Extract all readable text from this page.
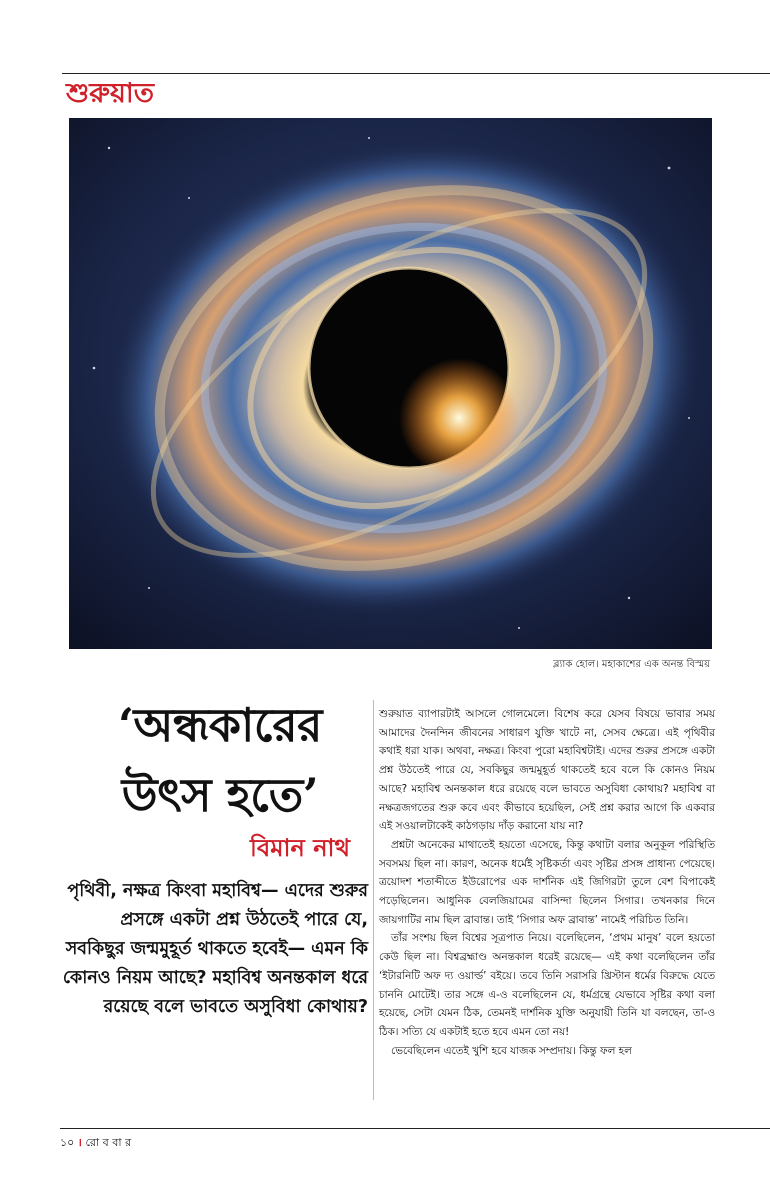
শুরুয়াত
ব্ল্যাক হোল। মহাকাশের এক অনন্ত বিস্ময়
‘অন্ধকারের
উৎস হতে’
বিমান নাথ
পৃথিবী, নক্ষত্র কিংবা মহাবিশ্ব— এদের শুরুর প্রসঙ্গে একটা প্রশ্ন উঠতেই পারে যে, সবকিছুর জন্মমুহূর্ত থাকতে হবেই— এমন কি কোনও নিয়ম আছে? মহাবিশ্ব অনন্তকাল ধরে রয়েছে বলে ভাবতে অসুবিধা কোথায়?

শুরুয়াত ব্যাপারটাই আসলে গোলমেলে। বিশেষ করে যেসব বিষয়ে ভাবার সময় আমাদের দৈনন্দিন জীবনের সাধারণ যুক্তি খাটে না, সেসব ক্ষেত্রে। এই পৃথিবীর কথাই ধরা যাক। অথবা, নক্ষত্র। কিংবা পুরো মহাবিশ্বটাই। এদের শুরুর প্রসঙ্গে একটা প্রশ্ন উঠতেই পারে যে, সবকিছুর জন্মমুহূর্ত থাকতেই হবে বলে কি কোনও নিয়ম আছে? মহাবিশ্ব অনন্তকাল ধরে রয়েছে বলে ভাবতে অসুবিধা কোথায়? মহাবিশ্ব বা নক্ষত্রজগতের শুরু কবে এবং কীভাবে হয়েছিল, সেই প্রশ্ন করার আগে কি একবার এই সওয়ালটাকেই কাঠগড়ায় দাঁড় করানো যায় না?

প্রশ্নটা অনেকের মাথাতেই হয়তো এসেছে, কিন্তু কথাটা বলার অনুকূল পরিস্থিতি সবসময় ছিল না। কারণ, অনেক ধর্মেই সৃষ্টিকর্তা এবং সৃষ্টির প্রসঙ্গ প্রাধান্য পেয়েছে। ত্রয়োদশ শতাব্দীতে ইউরোপের এক দার্শনিক এই জিগিরটা তুলে বেশ বিপাকেই পড়েছিলেন। আধুনিক বেলজিয়ামের বাসিন্দা ছিলেন সিগার। তখনকার দিনে জায়গাটির নাম ছিল ব্রাবান্ত। তাই ‘সিগার অফ ব্রাবান্ত’ নামেই পরিচিত তিনি।

তাঁর সংশয় ছিল বিশ্বের সূত্রপাত নিয়ে। বলেছিলেন, ‘প্রথম মানুষ’ বলে হয়তো কেউ ছিল না। বিশ্বব্রহ্মাণ্ড অনন্তকাল ধরেই রয়েছে— এই কথা বলেছিলেন তাঁর ‘ইটারনিটি অফ দ্য ওয়ার্ল্ড’ বইয়ে। তবে তিনি সরাসরি খ্রিস্টান ধর্মের বিরুদ্ধে যেতে চাননি মোটেই। তার সঙ্গে এ-ও বলেছিলেন যে, ধর্মগ্রন্থে যেভাবে সৃষ্টির কথা বলা হয়েছে, সেটা যেমন ঠিক, তেমনই দার্শনিক যুক্তি অনুযায়ী তিনি যা বলছেন, তা-ও ঠিক। সত্যি যে একটাই হতে হবে এমন তো নয়!

ভেবেছিলেন এতেই খুশি হবে যাজক সম্প্রদায়। কিন্তু ফল হল

১০ । রো ব বা র
